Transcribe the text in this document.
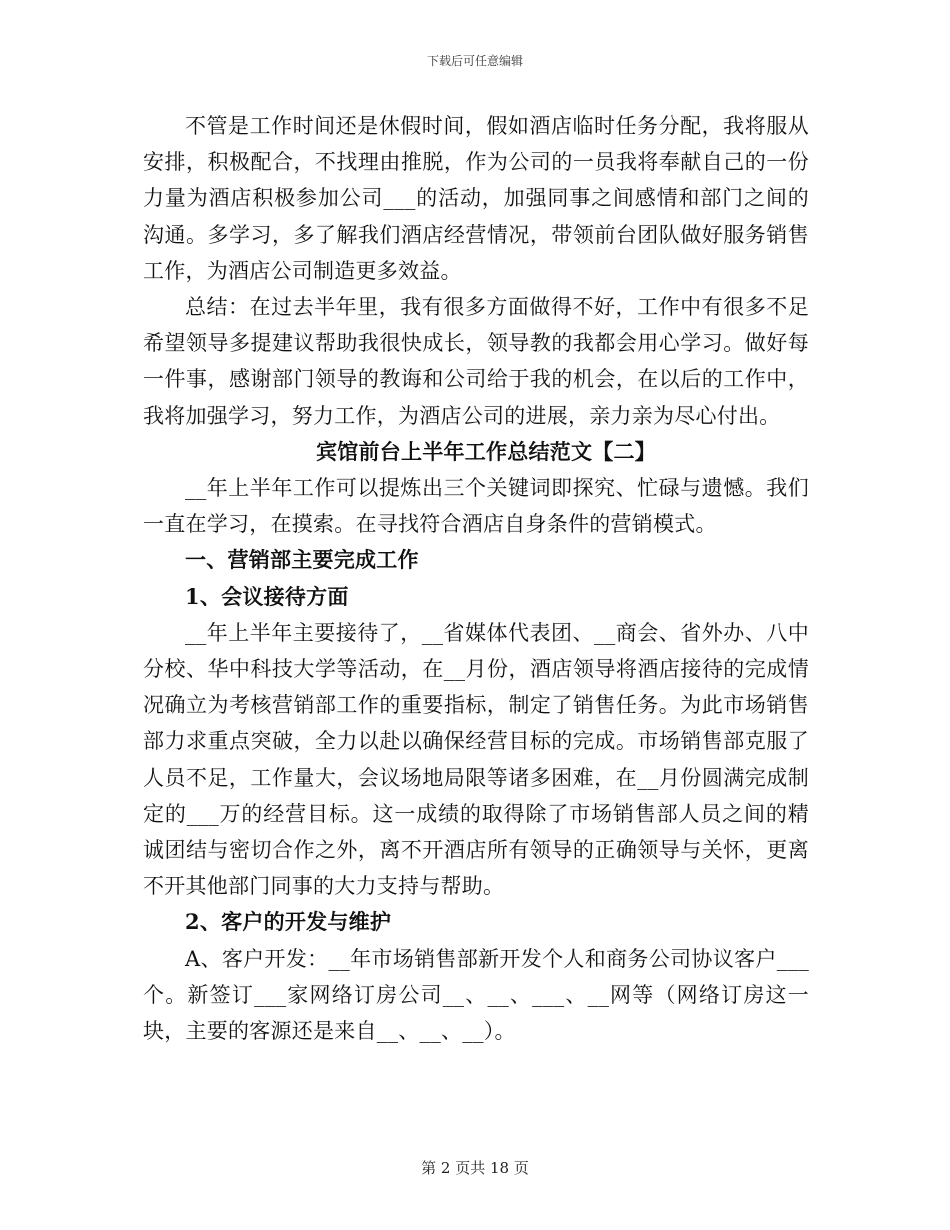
下载后可任意编辑

不管是工作时间还是休假时间，假如酒店临时任务分配，我将服从安排，积极配合，不找理由推脱，作为公司的一员我将奉献自己的一份力量为酒店积极参加公司___的活动，加强同事之间感情和部门之间的沟通。多学习，多了解我们酒店经营情况，带领前台团队做好服务销售工作，为酒店公司制造更多效益。

总结：在过去半年里，我有很多方面做得不好，工作中有很多不足希望领导多提建议帮助我很快成长，领导教的我都会用心学习。做好每一件事，感谢部门领导的教诲和公司给于我的机会，在以后的工作中，我将加强学习，努力工作，为酒店公司的进展，亲力亲为尽心付出。

宾馆前台上半年工作总结范文【二】

__年上半年工作可以提炼出三个关键词即探究、忙碌与遗憾。我们一直在学习，在摸索。在寻找符合酒店自身条件的营销模式。

一、营销部主要完成工作

1、会议接待方面

__年上半年主要接待了，__省媒体代表团、__商会、省外办、八中分校、华中科技大学等活动，在__月份，酒店领导将酒店接待的完成情况确立为考核营销部工作的重要指标，制定了销售任务。为此市场销售部力求重点突破，全力以赴以确保经营目标的完成。市场销售部克服了人员不足，工作量大，会议场地局限等诸多困难，在__月份圆满完成制定的___万的经营目标。这一成绩的取得除了市场销售部人员之间的精诚团结与密切合作之外，离不开酒店所有领导的正确领导与关怀，更离不开其他部门同事的大力支持与帮助。

2、客户的开发与维护

A、客户开发：__年市场销售部新开发个人和商务公司协议客户___个。新签订___家网络订房公司__、__、___、__网等（网络订房这一块，主要的客源还是来自__、__、__）。

第 2 页共 18 页
